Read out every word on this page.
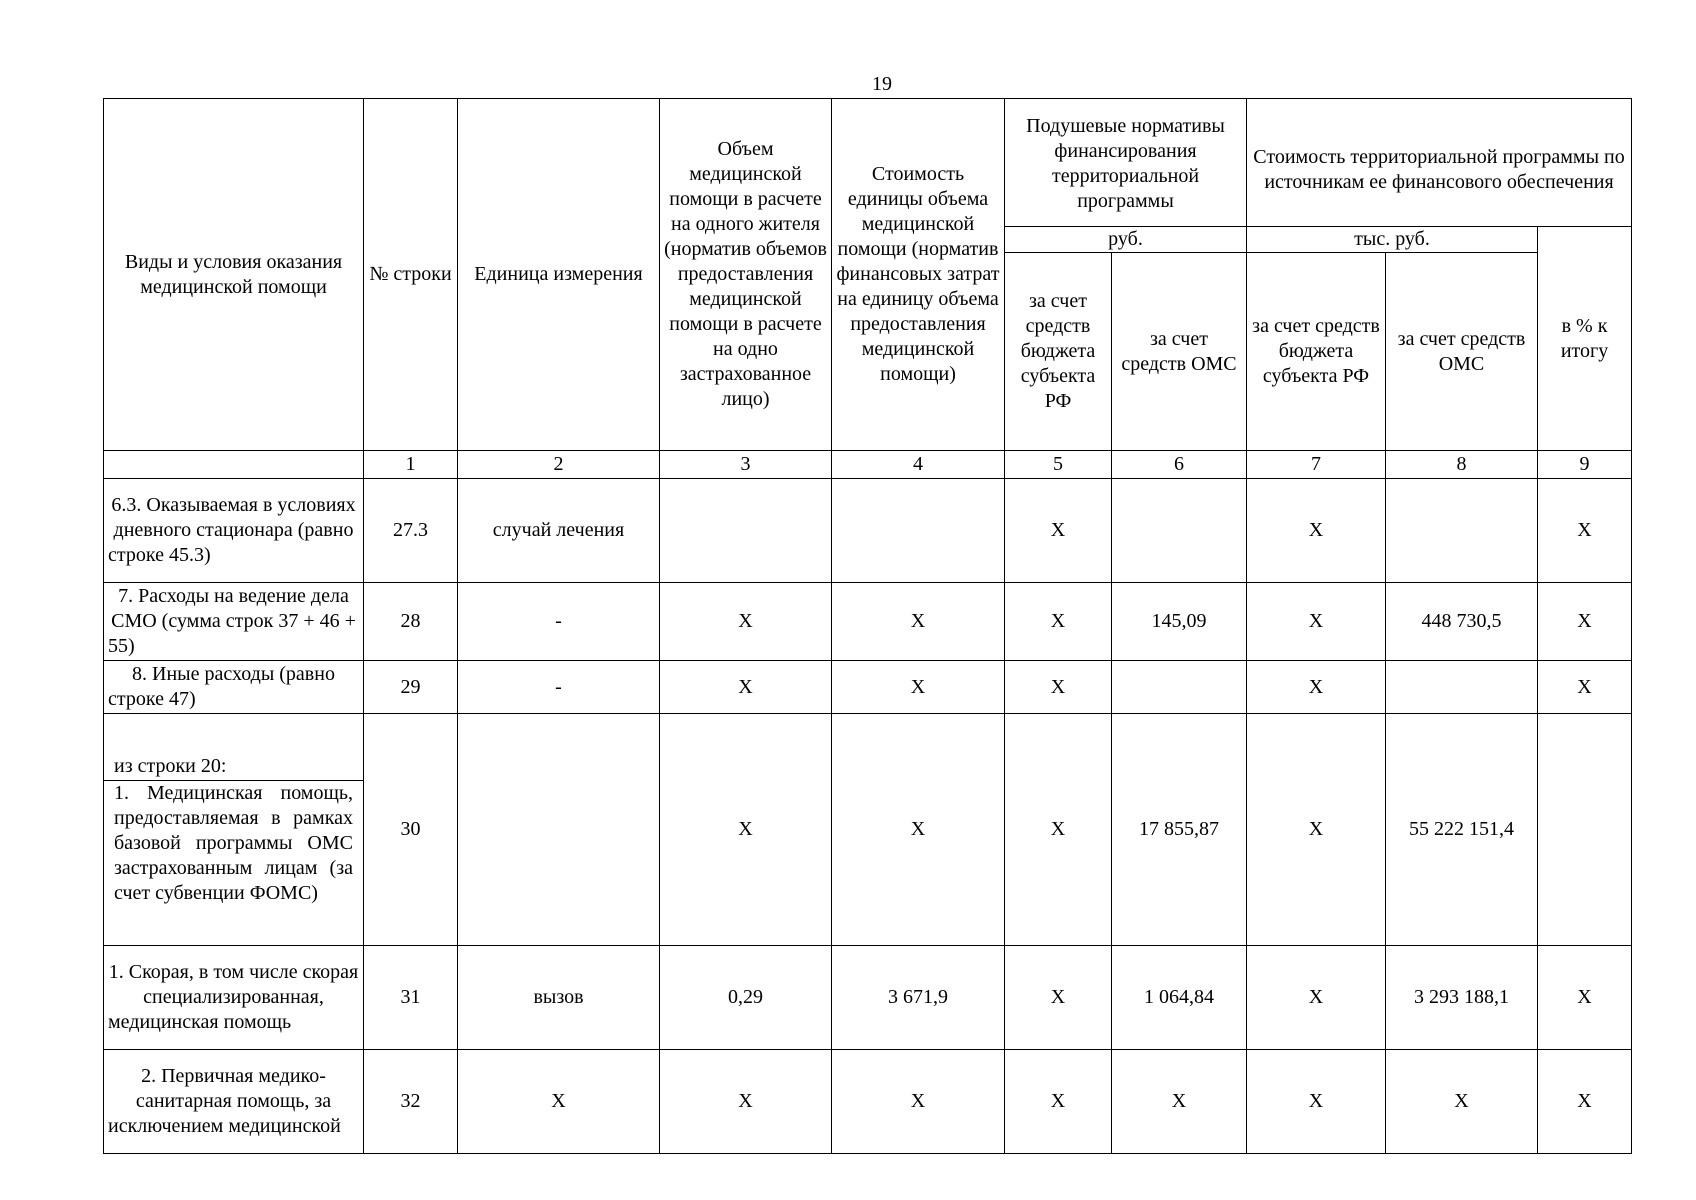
19
Виды и условия оказания медицинской помощи	№ строки	Единица измерения	Объем медицинской помощи в расчете на одного жителя (норматив объемов предоставления медицинской помощи в расчете на одно застрахованное лицо)	Стоимость единицы объема медицинской помощи (норматив финансовых затрат на единицу объема предоставления медицинской помощи)	Подушевые нормативы финансирования территориальной программы		Стоимость территориальной программы по источникам ее финансового обеспечения		
					руб.		тыс. руб.		в % к итогу
					за счет средств бюджета субъекта РФ	за счет средств ОМС	за счет средств бюджета субъекта РФ	за счет средств ОМС	
	1	2	3	4	5	6	7	8	9
6.3. Оказываемая в условиях дневного стационара (равно строке 45.3)	27.3	случай лечения			X		X		X
7. Расходы на ведение дела СМО (сумма строк 37 + 46 + 55)	28	-	X	X	X	145,09	X	448 730,5	X
8. Иные расходы (равно строке 47)	29	-	X	X	X		X		X

из строки 20:
1. Медицинская помощь, предоставляемая в рамках базовой программы ОМС застрахованным лицам (за счет субвенции ФОМС)	30		X	X	X	17 855,87	X	55 222 151,4	
1. Скорая, в том числе скорая специализированная, медицинская помощь	31	вызов	0,29	3 671,9	X	1 064,84	X	3 293 188,1	X
2. Первичная медико-санитарная помощь, за исключением медицинской	32	X	X	X	X	X	X	X	X
